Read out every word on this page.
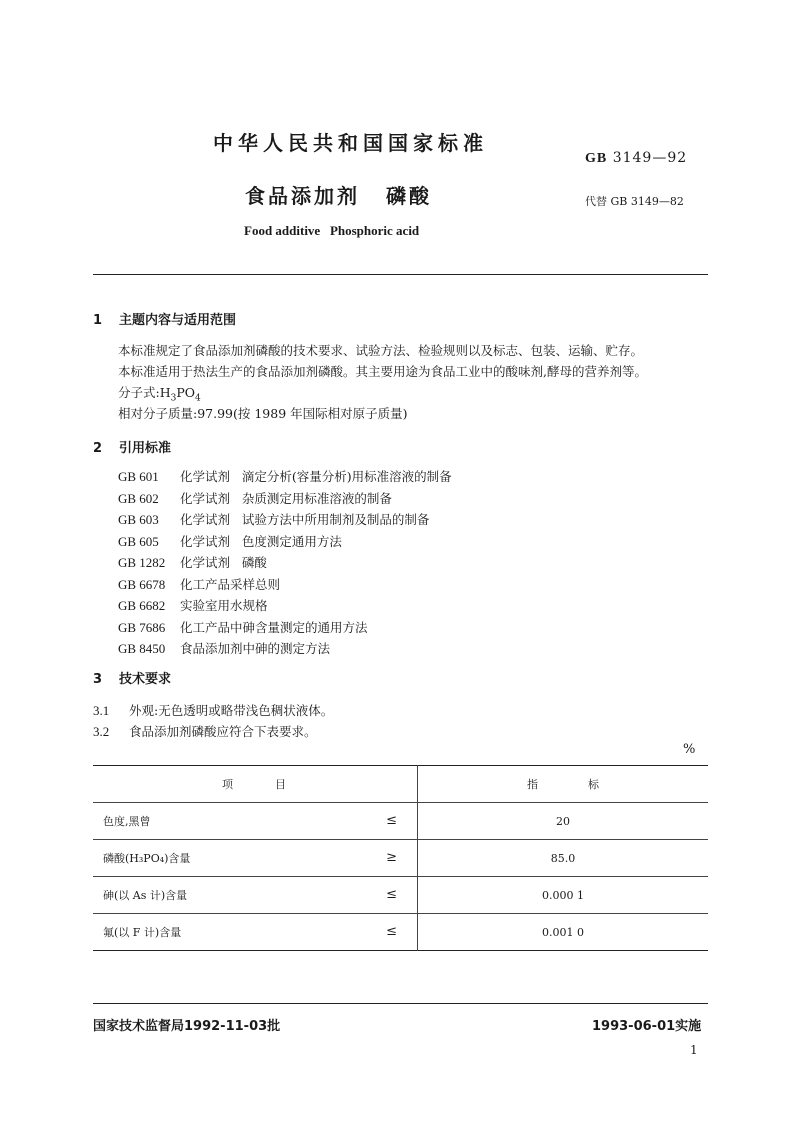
中华人民共和国国家标准
GB 3149—92
食品添加剂 磷酸	代替 GB 3149—82
Food additive   Phosphoric acid
1 主题内容与适用范围
本标准规定了食品添加剂磷酸的技术要求、试验方法、检验规则以及标志、包装、运输、贮存。
本标准适用于热法生产的食品添加剂磷酸。其主要用途为食品工业中的酸味剂,酵母的营养剂等。
分子式$:H_3PO_4$
相对分子质量:97.99(按 1989 年国际相对原子质量)
2 引用标准
GB 601 化学试剂   滴定分析(容量分析)用标准溶液的制备
GB 602 化学试剂   杂质测定用标准溶液的制备
GB 603 化学试剂   试验方法中所用制剂及制品的制备
GB 605 化学试剂   色度测定通用方法
GB 1282 化学试剂   磷酸
GB 6678 化工产品采样总则
GB 6682 实验室用水规格
GB 7686 化工产品中砷含量测定的通用方法
GB 8450 食品添加剂中砷的测定方法
3 技术要求
3.1 外观:无色透明或略带浅色稠状液体。
3.2 食品添加剂磷酸应符合下表要求。
%
项 目	指 标
色度,黑曾 ≤	20
磷酸(H₃PO₄)含量 ≥	85.0
砷(以 As 计)含量 ≤	0.000 1
氟(以 F 计)含量 ≤	0.001 0
国家技术监督局1992-11-03批	1993-06-01实施
1
